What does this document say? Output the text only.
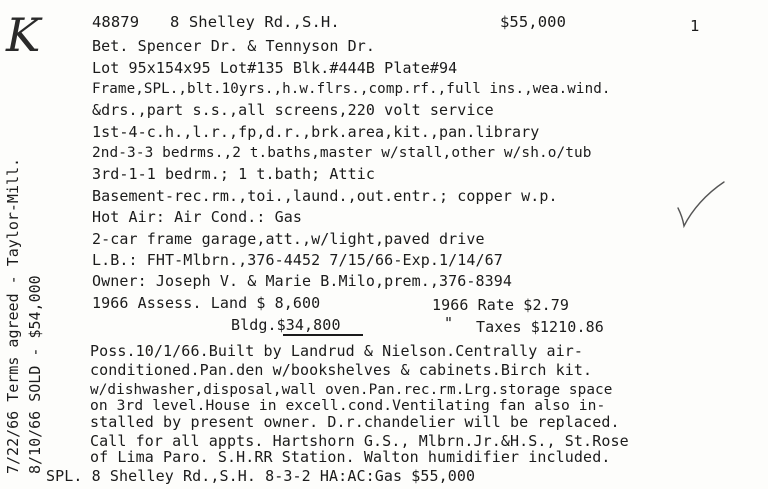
K	48879 8 Shelley Rd.,S.H.	$55,000	1
Bet. Spencer Dr. & Tennyson Dr.
Lot 95x154x95 Lot#135 Blk.#444B Plate#94
Frame,SPL.,blt.10yrs.,h.w.flrs.,comp.rf.,full ins.,wea.wind.
&drs.,part s.s.,all screens,220 volt service
1st-4-c.h.,l.r.,fp,d.r.,brk.area,kit.,pan.library
2nd-3-3 bedrms.,2 t.baths,master w/stall,other w/sh.o/tub
3rd-1-1 bedrm.; 1 t.bath; Attic
Basement-rec.rm.,toi.,laund.,out.entr.; copper w.p.
Hot Air: Air Cond.: Gas
2-car frame garage,att.,w/light,paved drive
L.B.: FHT-Mlbrn.,376-4452 7/15/66-Exp.1/14/67
Owner: Joseph V. & Marie B.Milo,prem.,376-8394
1966 Assess. Land $ 8,600	1966 Rate $2.79
Bldg.$34,800	" Taxes $1210.86
Poss.10/1/66.Built by Landrud & Nielson.Centrally air-
conditioned.Pan.den w/bookshelves & cabinets.Birch kit.
w/dishwasher,disposal,wall oven.Pan.rec.rm.Lrg.storage space
on 3rd level.House in excell.cond.Ventilating fan also in-
stalled by present owner. D.r.chandelier will be replaced.
Call for all appts. Hartshorn G.S., Mlbrn.Jr.&H.S., St.Rose
of Lima Paro. S.H.RR Station. Walton humidifier included.
SPL. 8 Shelley Rd.,S.H. 8-3-2 HA:AC:Gas $55,000
7/22/66 Terms agreed - Taylor-Mill. 8/10/66 SOLD - $54,000
